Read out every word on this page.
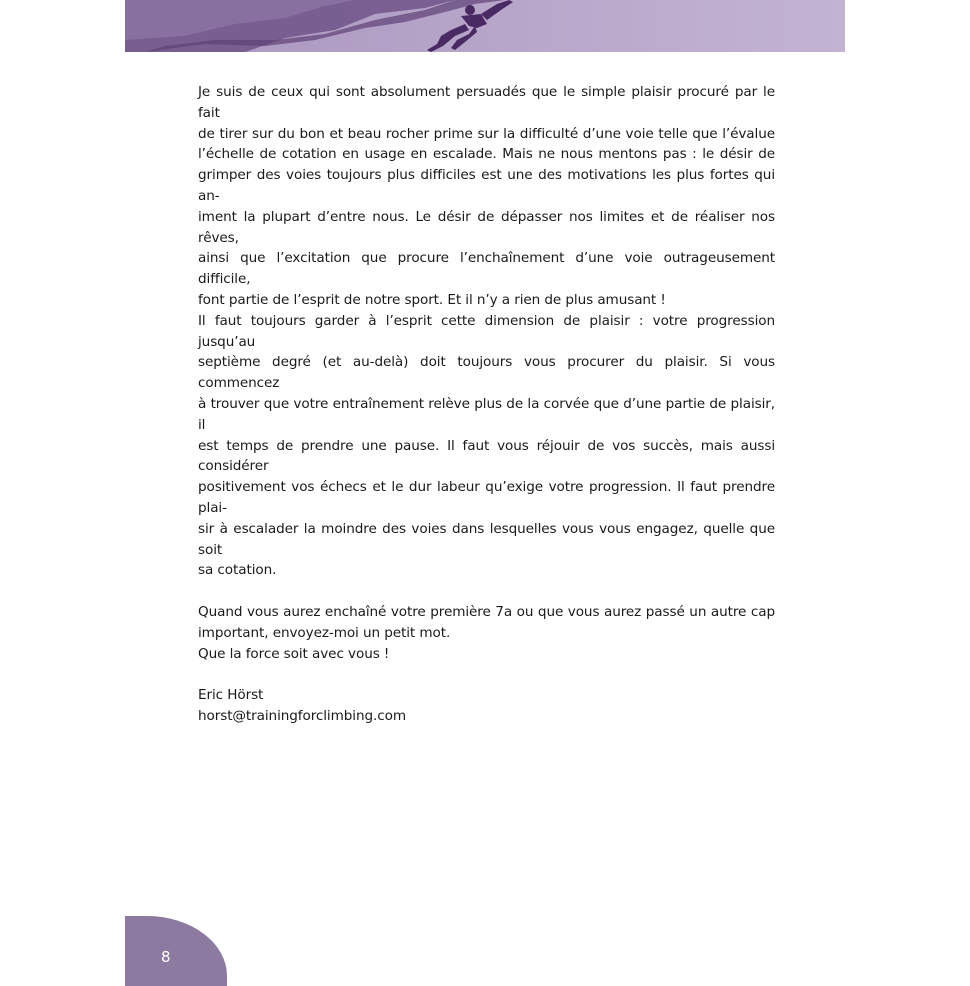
Je suis de ceux qui sont absolument persuadés que le simple plaisir procuré par le fait
de tirer sur du bon et beau rocher prime sur la difficulté d’une voie telle que l’évalue
l’échelle de cotation en usage en escalade. Mais ne nous mentons pas : le désir de
grimper des voies toujours plus difficiles est une des motivations les plus fortes qui an-
iment la plupart d’entre nous. Le désir de dépasser nos limites et de réaliser nos rêves,
ainsi que l’excitation que procure l’enchaînement d’une voie outrageusement difficile,
font partie de l’esprit de notre sport. Et il n’y a rien de plus amusant !

Il faut toujours garder à l’esprit cette dimension de plaisir : votre progression jusqu’au
septième degré (et au-delà) doit toujours vous procurer du plaisir. Si vous commencez
à trouver que votre entraînement relève plus de la corvée que d’une partie de plaisir, il
est temps de prendre une pause. Il faut vous réjouir de vos succès, mais aussi considérer
positivement vos échecs et le dur labeur qu’exige votre progression. Il faut prendre plai-
sir à escalader la moindre des voies dans lesquelles vous vous engagez, quelle que soit
sa cotation.

Quand vous aurez enchaîné votre première 7a ou que vous aurez passé un autre cap
important, envoyez-moi un petit mot.
Que la force soit avec vous !

Eric Hörst
horst@trainingforclimbing.com

8
